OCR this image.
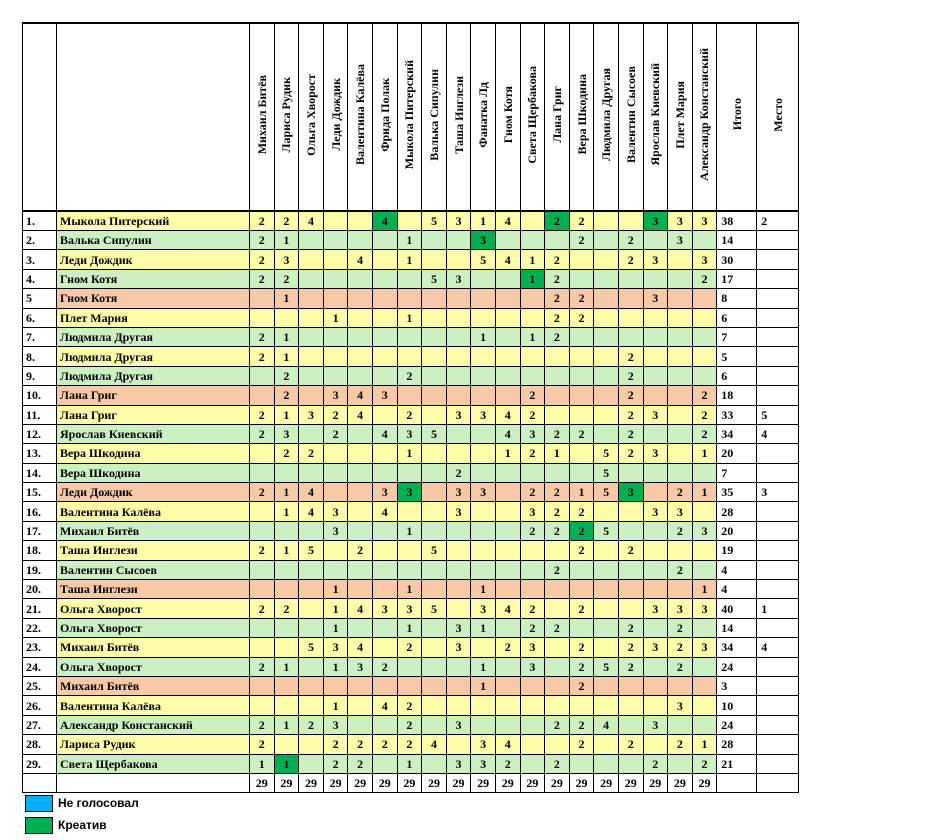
		Михаил Битёв	Лариса Рудик	Ольга Хворост	Леди Дождик	Валентина Калёва	Фрида Полак	Мыкола Питерский	Валька Сипулин	Таша Инглези	Фанатка Лд	Гном Котя	Света Щербакова	Лана Григ	Вера Шкодина	Людмила Другая	Валентин Сысоев	Ярослав Киевский	Плет Мария	Александр Констанский	Итого	Место
1.	Мыкола Питерский	2	2	4			4		5	3	1	4		2	2			3	3	3	38	2
2.	Валька Сипулин	2	1					1			3				2		2		3		14	
3.	Леди Дождик	2	3			4		1			5	4	1	2			2	3		3	30	
4.	Гном Котя	2	2						5	3			1	2						2	17	
5	Гном Котя		1											2	2			3			8	
6.	Плет Мария				1			1						2	2						6	
7.	Людмила Другая	2	1								1		1	2							7	
8.	Людмила Другая	2	1														2				5	
9.	Людмила Другая		2					2									2				6	
10.	Лана Григ		2		3	4	3						2				2			2	18	
11.	Лана Григ	2	1	3	2	4		2		3	3	4	2				2	3		2	33	5
12.	Ярослав Киевский	2	3		2		4	3	5			4	3	2	2		2			2	34	4
13.	Вера Шкодина		2	2				1				1	2	1		5	2	3		1	20	
14.	Вера Шкодина									2						5					7	
15.	Леди Дождик	2	1	4			3	3		3	3		2	2	1	5	3		2	1	35	3
16.	Валентина Калёва		1	4	3		4			3			3	2	2			3	3		28	
17.	Михаил Битёв				3			1					2	2	2	5			2	3	20	
18.	Таша Инглези	2	1	5		2			5						2		2				19	
19.	Валентин Сысоев													2					2		4	
20.	Таша Инглези				1			1			1									1	4	
21.	Ольга Хворост	2	2		1	4	3	3	5		3	4	2		2			3	3	3	40	1
22.	Ольга Хворост				1			1		3	1		2	2			2		2		14	
23.	Михаил Битёв			5	3	4		2		3		2	3		2		2	3	2	3	34	4
24.	Ольга Хворост	2	1		1	3	2				1		3		2	5	2		2		24	
25.	Михаил Битёв										1				2						3	
26.	Валентина Калёва				1		4	2											3		10	
27.	Александр Констанский	2	1	2	3			2		3				2	2	4		3			24	
28.	Лариса Рудик	2			2	2	2	2	4		3	4			2		2		2	1	28	
29.	Света Щербакова	1	1		2	2		1		3	3	2		2				2		2	21	
		29	29	29	29	29	29	29	29	29	29	29	29	29	29	29	29	29	29	29		
Не голосовал
Креатив
